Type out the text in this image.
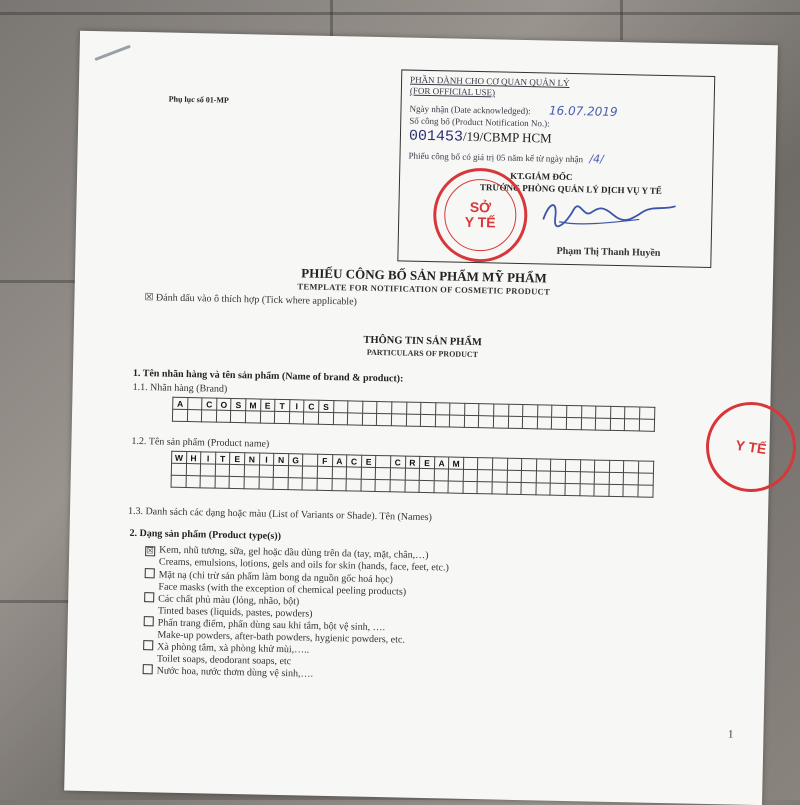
Phụ lục số 01-MP
PHẦN DÀNH CHO CƠ QUAN QUẢN LÝ
(FOR OFFICIAL USE)
Ngày nhận (Date acknowledged): 16.07.2019
Số công bố (Product Notification No.):
001453/19/CBMP HCM
Phiếu công bố có giá trị 05 năm kể từ ngày nhận /4/
KT.GIÁM ĐỐC
TRƯỞNG PHÒNG QUẢN LÝ DỊCH VỤ Y TẾ
SỞ
Y TẾ
Phạm Thị Thanh Huyền
PHIẾU CÔNG BỐ SẢN PHẨM MỸ PHẨM
TEMPLATE FOR NOTIFICATION OF COSMETIC PRODUCT
☒ Đánh dấu vào ô thích hợp (Tick where applicable)
THÔNG TIN SẢN PHẨM
PARTICULARS OF PRODUCT
1. Tên nhãn hàng và tên sản phẩm (Name of brand & product):
1.1. Nhãn hàng (Brand)
A		C	O	S	M	E	T	I	C	S																						

1.2. Tên sản phẩm (Product name)
W	H	I	T	E	N	I	N	G		F	A	C	E		C	R	E	A	M													

1.3. Danh sách các dạng hoặc màu (List of Variants or Shade). Tên (Names)
2. Dạng sản phẩm (Product type(s))
☒ Kem, nhũ tương, sữa, gel hoặc dầu dùng trên da (tay, mặt, chân,…)
Creams, emulsions, lotions, gels and oils for skin (hands, face, feet, etc.)
Mặt nạ (chỉ trừ sản phẩm làm bong da nguồn gốc hoá học)
Face masks (with the exception of chemical peeling products)
Các chất phủ màu (lỏng, nhão, bột)
Tinted bases (liquids, pastes, powders)
Phấn trang điểm, phấn dùng sau khi tắm, bột vệ sinh, ….
Make-up powders, after-bath powders, hygienic powders, etc.
Xà phòng tắm, xà phòng khử mùi,…..
Toilet soaps, deodorant soaps, etc
Nước hoa, nước thơm dùng vệ sinh,….
1
Y TẾ
